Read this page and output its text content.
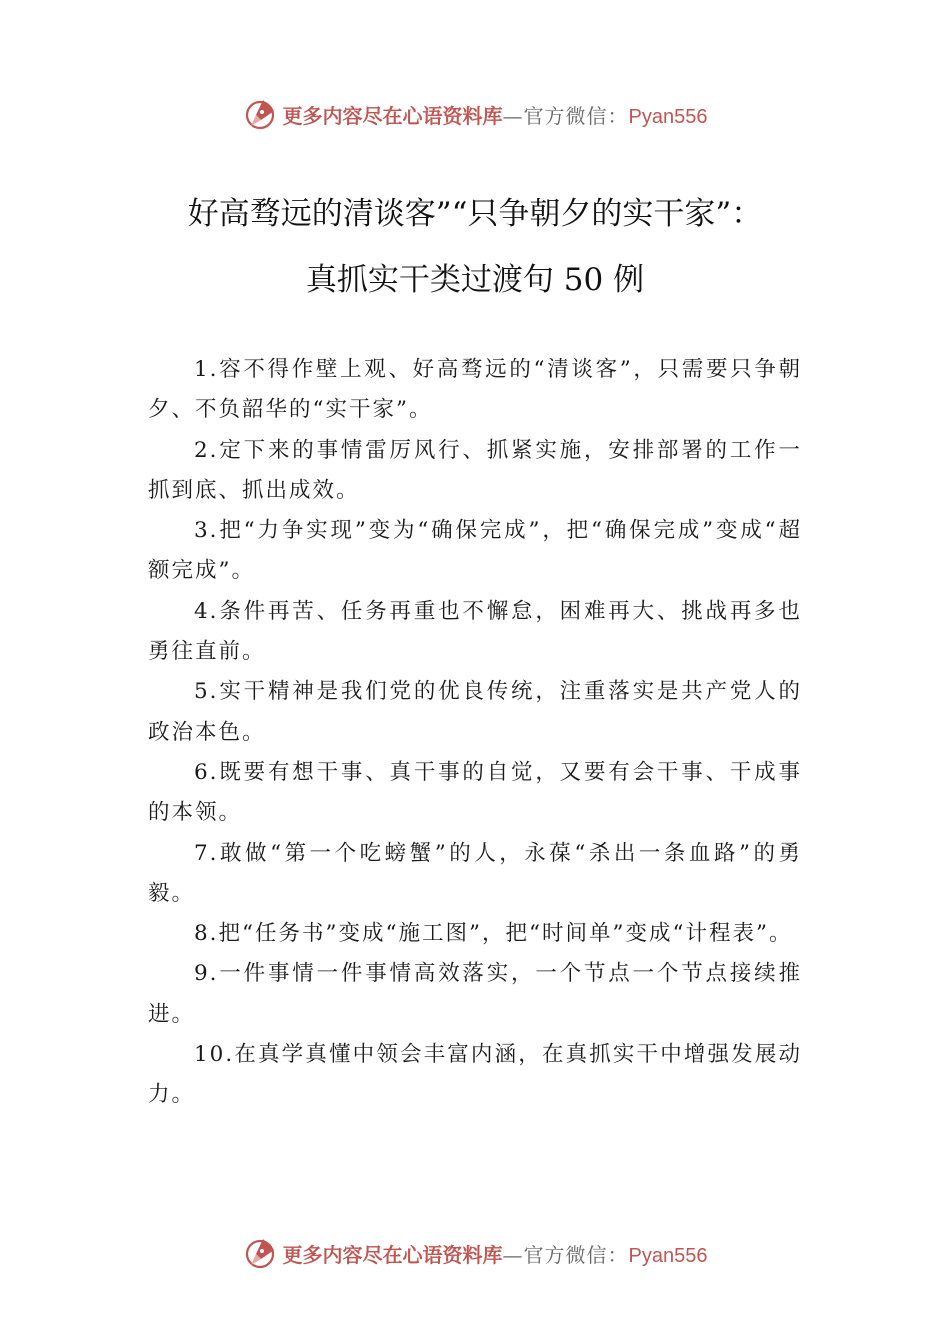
更多内容尽在心语资料库 —官方微信： Pyan556
好高骛远的清谈客”“只争朝夕的实干家”：
真抓实干类过渡句 50 例

1.容不得作壁上观、好高骛远的“清谈客”，只需要只争朝夕、不负韶华的“实干家”。

2.定下来的事情雷厉风行、抓紧实施，安排部署的工作一抓到底、抓出成效。

3.把“力争实现”变为“确保完成”，把“确保完成”变成“超额完成”。

4.条件再苦、任务再重也不懈怠，困难再大、挑战再多也勇往直前。

5.实干精神是我们党的优良传统，注重落实是共产党人的政治本色。

6.既要有想干事、真干事的自觉，又要有会干事、干成事的本领。

7.敢做“第一个吃螃蟹”的人，永葆“杀出一条血路”的勇毅。

8.把“任务书”变成“施工图”，把“时间单”变成“计程表”。

9.一件事情一件事情高效落实，一个节点一个节点接续推进。

10.在真学真懂中领会丰富内涵，在真抓实干中增强发展动力。

更多内容尽在心语资料库 —官方微信： Pyan556
